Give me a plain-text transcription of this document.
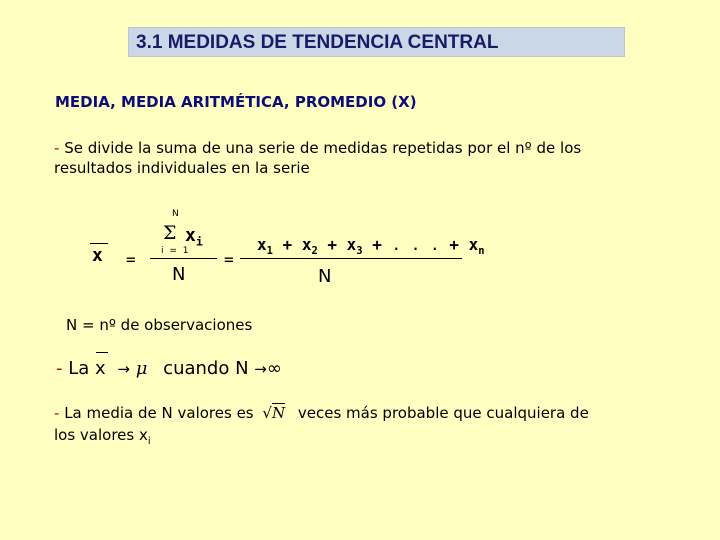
3.1 MEDIDAS DE TENDENCIA CENTRAL
MEDIA, MEDIA ARITMÉTICA, PROMEDIO (X)
- Se divide la suma de una serie de medidas repetidas por el nº de los resultados individuales en la serie
x =
N
Σ $x_i$
i = 1
N
=
$x_1 + x_2 + x_3$ + . . . + $x_n$
N
N = nº de observaciones
- La x → μ cuando N →∞
- La media de N valores es √N veces más probable que cualquiera de
los valores $x_i$
